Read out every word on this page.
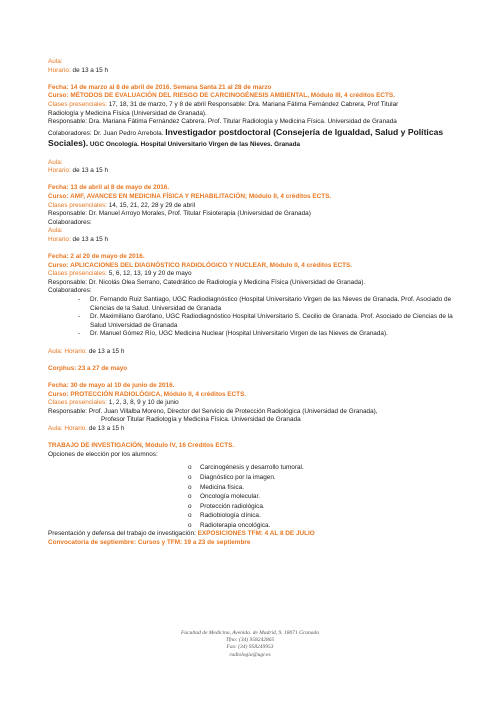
Aula:
Horario: de 13 a 15 h
Fecha: 14 de marzo al 8 de abril de 2016. Semana Santa 21 al 28 de marzo
Curso: MÉTODOS DE EVALUACIÓN DEL RIESGO DE CARCINOGÉNESIS AMBIENTAL, Módulo III, 4 créditos ECTS.
Clases presenciales: 17, 18, 31 de marzo, 7 y 8 de abril Responsable: Dra. Mariana Fátima Fernández Cabrera, Prof Titular
Radiología y Medicina Física (Universidad de Granada).
Responsable: Dra. Mariana Fátima Fernández Cabrera. Prof. Titular Radiología y Medicina Física. Universidad de Granada
Colaboradores: Dr. Juan Pedro Arrebola. Investigador postdoctoral (Consejería de Igualdad, Salud y Políticas
Sociales). UGC Oncología. Hospital Universitario Virgen de las Nieves. Granada
Aula:
Horario: de 13 a 15 h
Fecha: 13 de abril al 8 de mayo de 2016.
Curso: AMF, AVANCES EN MEDICINA FÍSICA Y REHABILITACIÓN; Módulo II, 4 créditos ECTS.
Clases presenciales: 14, 15, 21, 22, 28 y 29 de abril
Responsable: Dr. Manuel Arroyo Morales, Prof. Titular Fisioterapia (Universidad de Granada)
Colaboradores:
Aula:
Horario: de 13 a 15 h
Fecha: 2 al 20 de mayo de 2016.
Curso: APLICACIONES DEL DIAGNÓSTICO RADIOLÓGICO Y NUCLEAR, Módulo II, 4 créditos ECTS.
Clases presenciales: 5, 6, 12, 13, 19 y 20 de mayo
Responsable: Dr. Nicolás Olea Serrano, Catedrático de Radiología y Medicina Física (Universidad de Granada).
Colaboradores:
- Dr. Fernando Ruiz Santiago, UGC Radiodiagnóstico (Hospital Universitario Virgen de las Nieves de Granada. Prof. Asociado de Ciencias de la Salud. Universidad de Granada
- Dr. Maximiliano Garófano, UGC Radiodiagnóstico Hospital Universitario S. Cecilio de Granada. Prof. Asociado de Ciencias de la Salud Universidad de Granada
- Dr. Manuel Gómez Río, UGC Medicina Nuclear (Hospital Universitario Virgen de las Nieves de Granada).
Aula: Horario: de 13 a 15 h
Corphus: 23 a 27 de mayo
Fecha: 30 de mayo al 10 de junio de 2016.
Curso: PROTECCIÓN RADIOLÓGICA, Módulo II, 4 créditos ECTS.
Clases presenciales: 1, 2, 3, 8, 9 y 10 de junio
Responsable: Prof. Juan Villalba Moreno, Director del Servicio de Protección Radiológica (Universidad de Granada),
Profesor Titular Radiología y Medicina Física. Universidad de Granada
Aula: Horario: de 13 a 15 h
TRABAJO DE INVESTIGACIÓN, Módulo IV, 16 Créditos ECTS.
Opciones de elección por los alumnos:
o Carcinogénesis y desarrollo tumoral.
o Diagnóstico por la imagen.
o Medicina física.
o Oncología molecular.
o Protección radiológica.
o Radiobiología clínica.
o Radioterapia oncológica.
Presentación y defensa del trabajo de investigación: EXPOSICIONES TFM: 4 AL 8 DE JULIO
Convocatoria de septiembre: Cursos y TFM: 19 a 23 de septiembre
Facultad de Medicina, Avenida. de Madrid, 9. 18071 Granada
Tfno: (34) 958242865
Fax: (34) 958249953
radiologia@ugr.es
